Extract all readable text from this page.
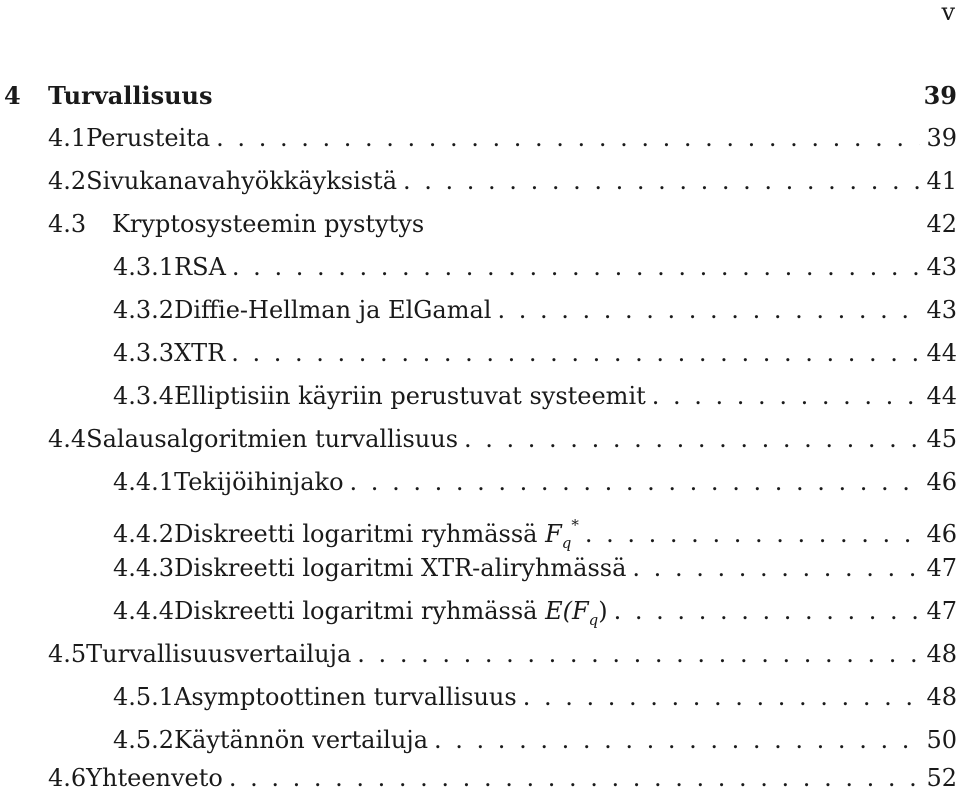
v
4	Turvallisuus	39
4.1 Perusteita . . .	39
4.2 Sivukanavahyökkäyksistä . . .	41
4.3	Kryptosysteemin pystytys	42
4.3.1 RSA . . .	43
4.3.2 Diffie-Hellman ja ElGamal . . .	43
4.3.3 XTR . . .	44
4.3.4 Elliptisiin käyriin perustuvat systeemit . . .	44
4.4 Salausalgoritmien turvallisuus . . .	45
4.4.1 Tekijöihinjako . . .	46
4.4.2 Diskreetti logaritmi ryhmässä $F_q^*$ . . .	46
4.4.3 Diskreetti logaritmi XTR-aliryhmässä . . .	47
4.4.4 Diskreetti logaritmi ryhmässä $E(F_q)$ . . .	47
4.5 Turvallisuusvertailuja . . .	48
4.5.1 Asymptoottinen turvallisuus . . .	48
4.5.2 Käytännön vertailuja . . .	50
4.6 Yhteenveto . . .	52
